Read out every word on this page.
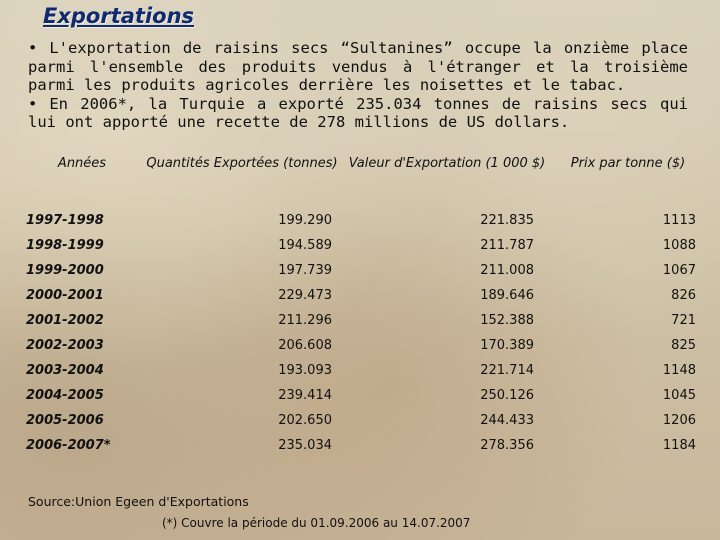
Exportations
• L'exportation de raisins secs “Sultanines” occupe la onzième place parmi l'ensemble des produits vendus à l'étranger et la troisième parmi les produits agricoles derrière les noisettes et le tabac.
• En 2006*, la Turquie a exporté 235.034 tonnes de raisins secs qui lui ont apporté une recette de 278 millions de US dollars.
Années	Quantités Exportées (tonnes)	Valeur d'Exportation (1 000 $)	Prix par tonne ($)
1997-1998	199.290	221.835	1113
1998-1999	194.589	211.787	1088
1999-2000	197.739	211.008	1067
2000-2001	229.473	189.646	826
2001-2002	211.296	152.388	721
2002-2003	206.608	170.389	825
2003-2004	193.093	221.714	1148
2004-2005	239.414	250.126	1045
2005-2006	202.650	244.433	1206
2006-2007*	235.034	278.356	1184
Source:Union Egeen d'Exportations
(*) Couvre la période du 01.09.2006 au 14.07.2007
